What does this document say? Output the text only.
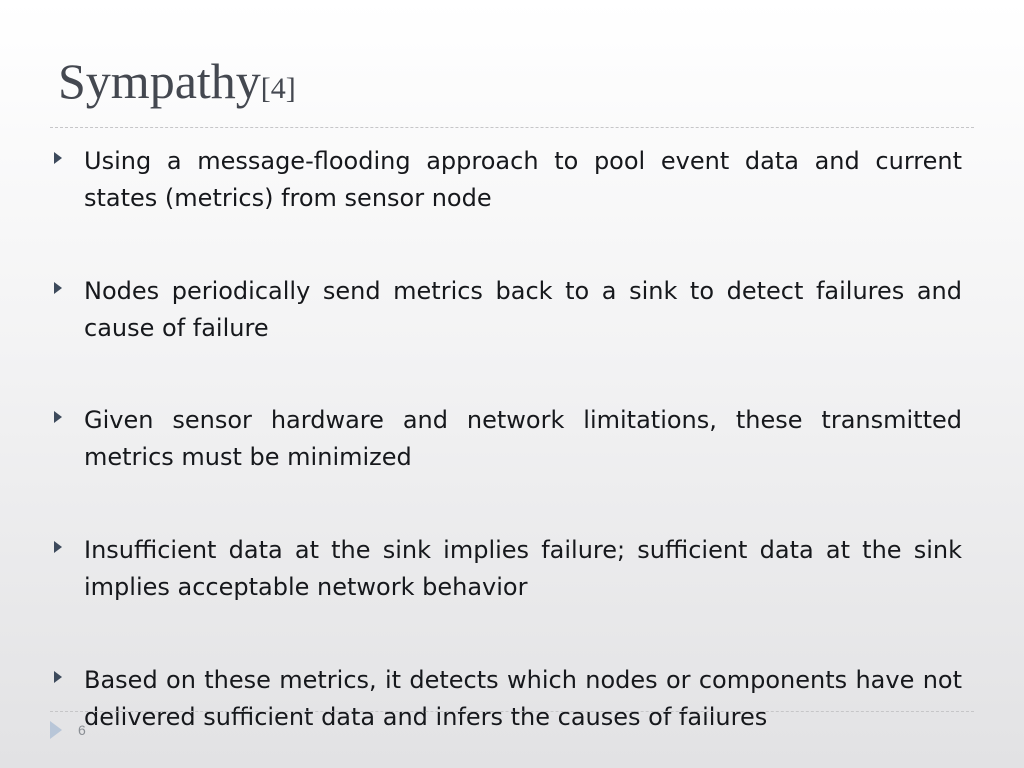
Sympathy[4]

Using a message-flooding approach to pool event data and current states (metrics) from sensor node

Nodes periodically send metrics back to a sink to detect failures and cause of failure

Given sensor hardware and network limitations, these transmitted metrics must be minimized

Insufficient data at the sink implies failure; sufficient data at the sink implies acceptable network behavior

Based on these metrics, it detects which nodes or components have not delivered sufficient data and infers the causes of failures

6
